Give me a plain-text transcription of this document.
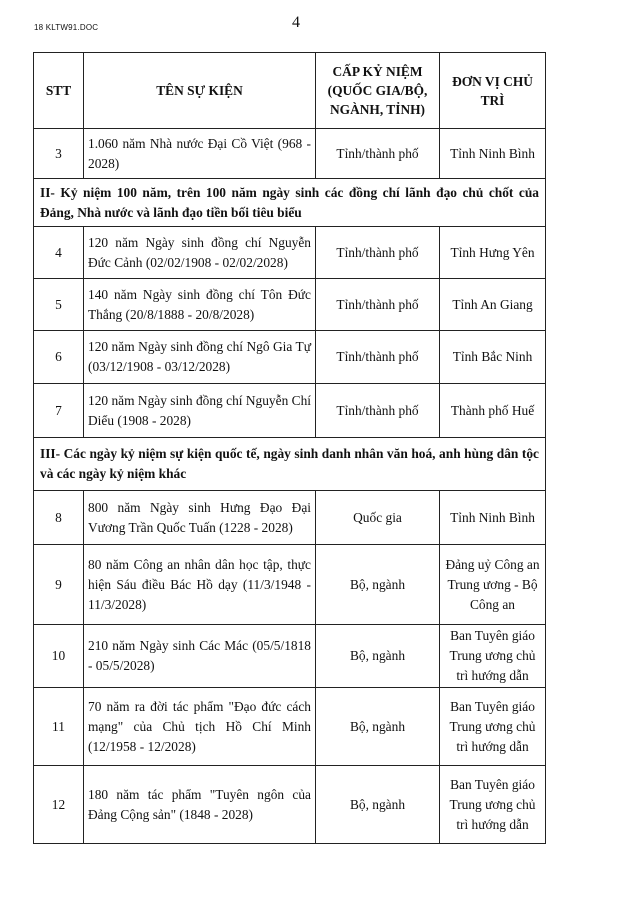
18 KLTW91.DOC	4
STT	TÊN SỰ KIỆN	CẤP KỶ NIỆM (QUỐC GIA/BỘ, NGÀNH, TỈNH)	ĐƠN VỊ CHỦ TRÌ
3	1.060 năm Nhà nước Đại Cồ Việt (968 - 2028)	Tỉnh/thành phố	Tỉnh Ninh Bình
II- Kỷ niệm 100 năm, trên 100 năm ngày sinh các đồng chí lãnh đạo chủ chốt của Đảng, Nhà nước và lãnh đạo tiền bối tiêu biểu			
4	120 năm Ngày sinh đồng chí Nguyễn Đức Cảnh (02/02/1908 - 02/02/2028)	Tỉnh/thành phố	Tỉnh Hưng Yên
5	140 năm Ngày sinh đồng chí Tôn Đức Thắng (20/8/1888 - 20/8/2028)	Tỉnh/thành phố	Tỉnh An Giang
6	120 năm Ngày sinh đồng chí Ngô Gia Tự (03/12/1908 - 03/12/2028)	Tỉnh/thành phố	Tỉnh Bắc Ninh
7	120 năm Ngày sinh đồng chí Nguyễn Chí Diểu (1908 - 2028)	Tỉnh/thành phố	Thành phố Huế
III- Các ngày kỷ niệm sự kiện quốc tế, ngày sinh danh nhân văn hoá, anh hùng dân tộc và các ngày kỷ niệm khác			
8	800 năm Ngày sinh Hưng Đạo Đại Vương Trần Quốc Tuấn (1228 - 2028)	Quốc gia	Tỉnh Ninh Bình
9	80 năm Công an nhân dân học tập, thực hiện Sáu điều Bác Hồ dạy (11/3/1948 - 11/3/2028)	Bộ, ngành	Đảng uỷ Công an Trung ương - Bộ Công an
10	210 năm Ngày sinh Các Mác (05/5/1818 - 05/5/2028)	Bộ, ngành	Ban Tuyên giáo Trung ương chủ trì hướng dẫn
11	70 năm ra đời tác phẩm "Đạo đức cách mạng" của Chủ tịch Hồ Chí Minh (12/1958 - 12/2028)	Bộ, ngành	Ban Tuyên giáo Trung ương chủ trì hướng dẫn
12	180 năm tác phẩm "Tuyên ngôn của Đảng Cộng sản" (1848 - 2028)	Bộ, ngành	Ban Tuyên giáo Trung ương chủ trì hướng dẫn
